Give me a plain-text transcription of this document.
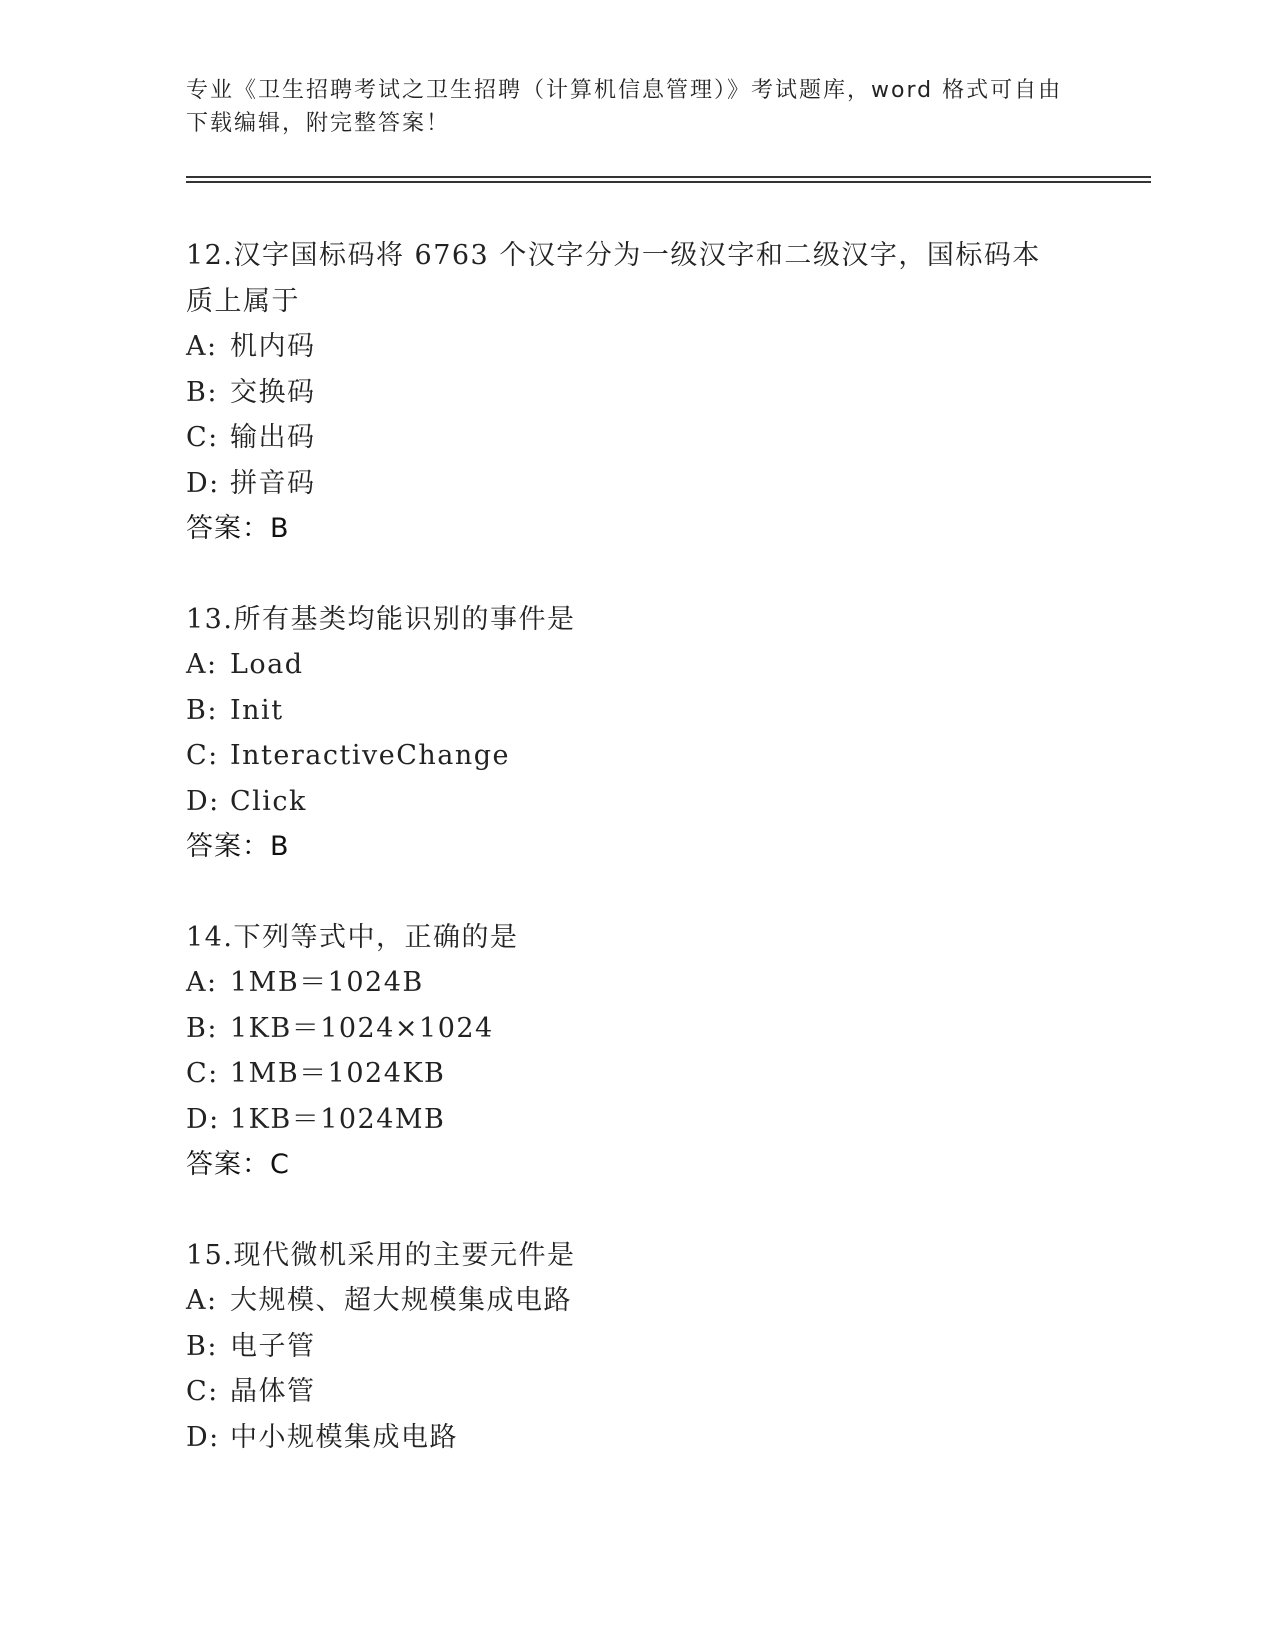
专业《卫生招聘考试之卫生招聘（计算机信息管理）》考试题库，word 格式可自由下载编辑，附完整答案！
12.汉字国标码将 6763 个汉字分为一级汉字和二级汉字，国标码本质上属于
A: 机内码
B: 交换码
C: 输出码
D: 拼音码
答案：B
13.所有基类均能识别的事件是
A: Load
B: Init
C: InteractiveChange
D: Click
答案：B
14.下列等式中，正确的是
A: 1MB＝1024B
B: 1KB＝1024×1024
C: 1MB＝1024KB
D: 1KB＝1024MB
答案：C
15.现代微机采用的主要元件是
A: 大规模、超大规模集成电路
B: 电子管
C: 晶体管
D: 中小规模集成电路
